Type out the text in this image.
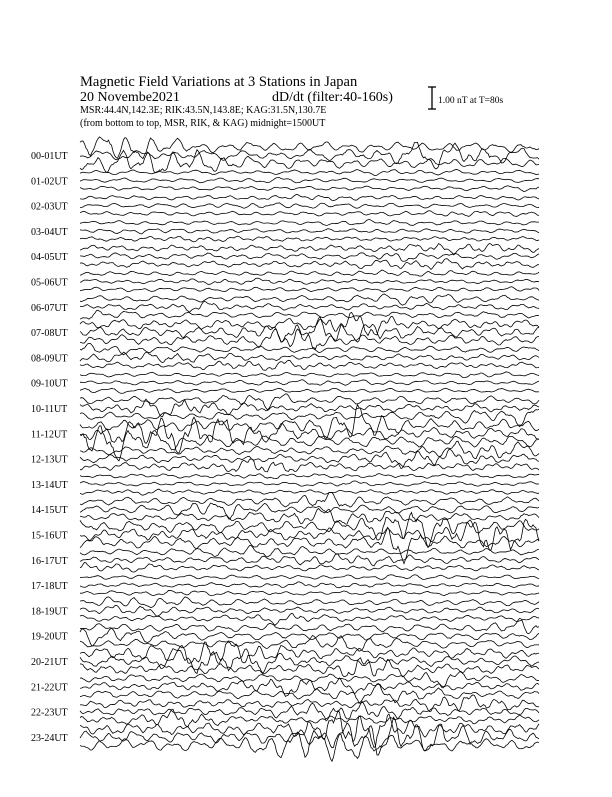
Magnetic Field Variations at 3 Stations in Japan
20 Novembe2021	dD/dt (filter:40-160s)
MSR:44.4N,142.3E; RIK:43.5N,143.8E; KAG:31.5N,130.7E
(from bottom to top, MSR, RIK, & KAG) midnight=1500UT
1.00 nT at T=80s
00-01UT
01-02UT
02-03UT
03-04UT
04-05UT
05-06UT
06-07UT
07-08UT
08-09UT
09-10UT
10-11UT
11-12UT
12-13UT
13-14UT
14-15UT
15-16UT
16-17UT
17-18UT
18-19UT
19-20UT
20-21UT
21-22UT
22-23UT
23-24UT
